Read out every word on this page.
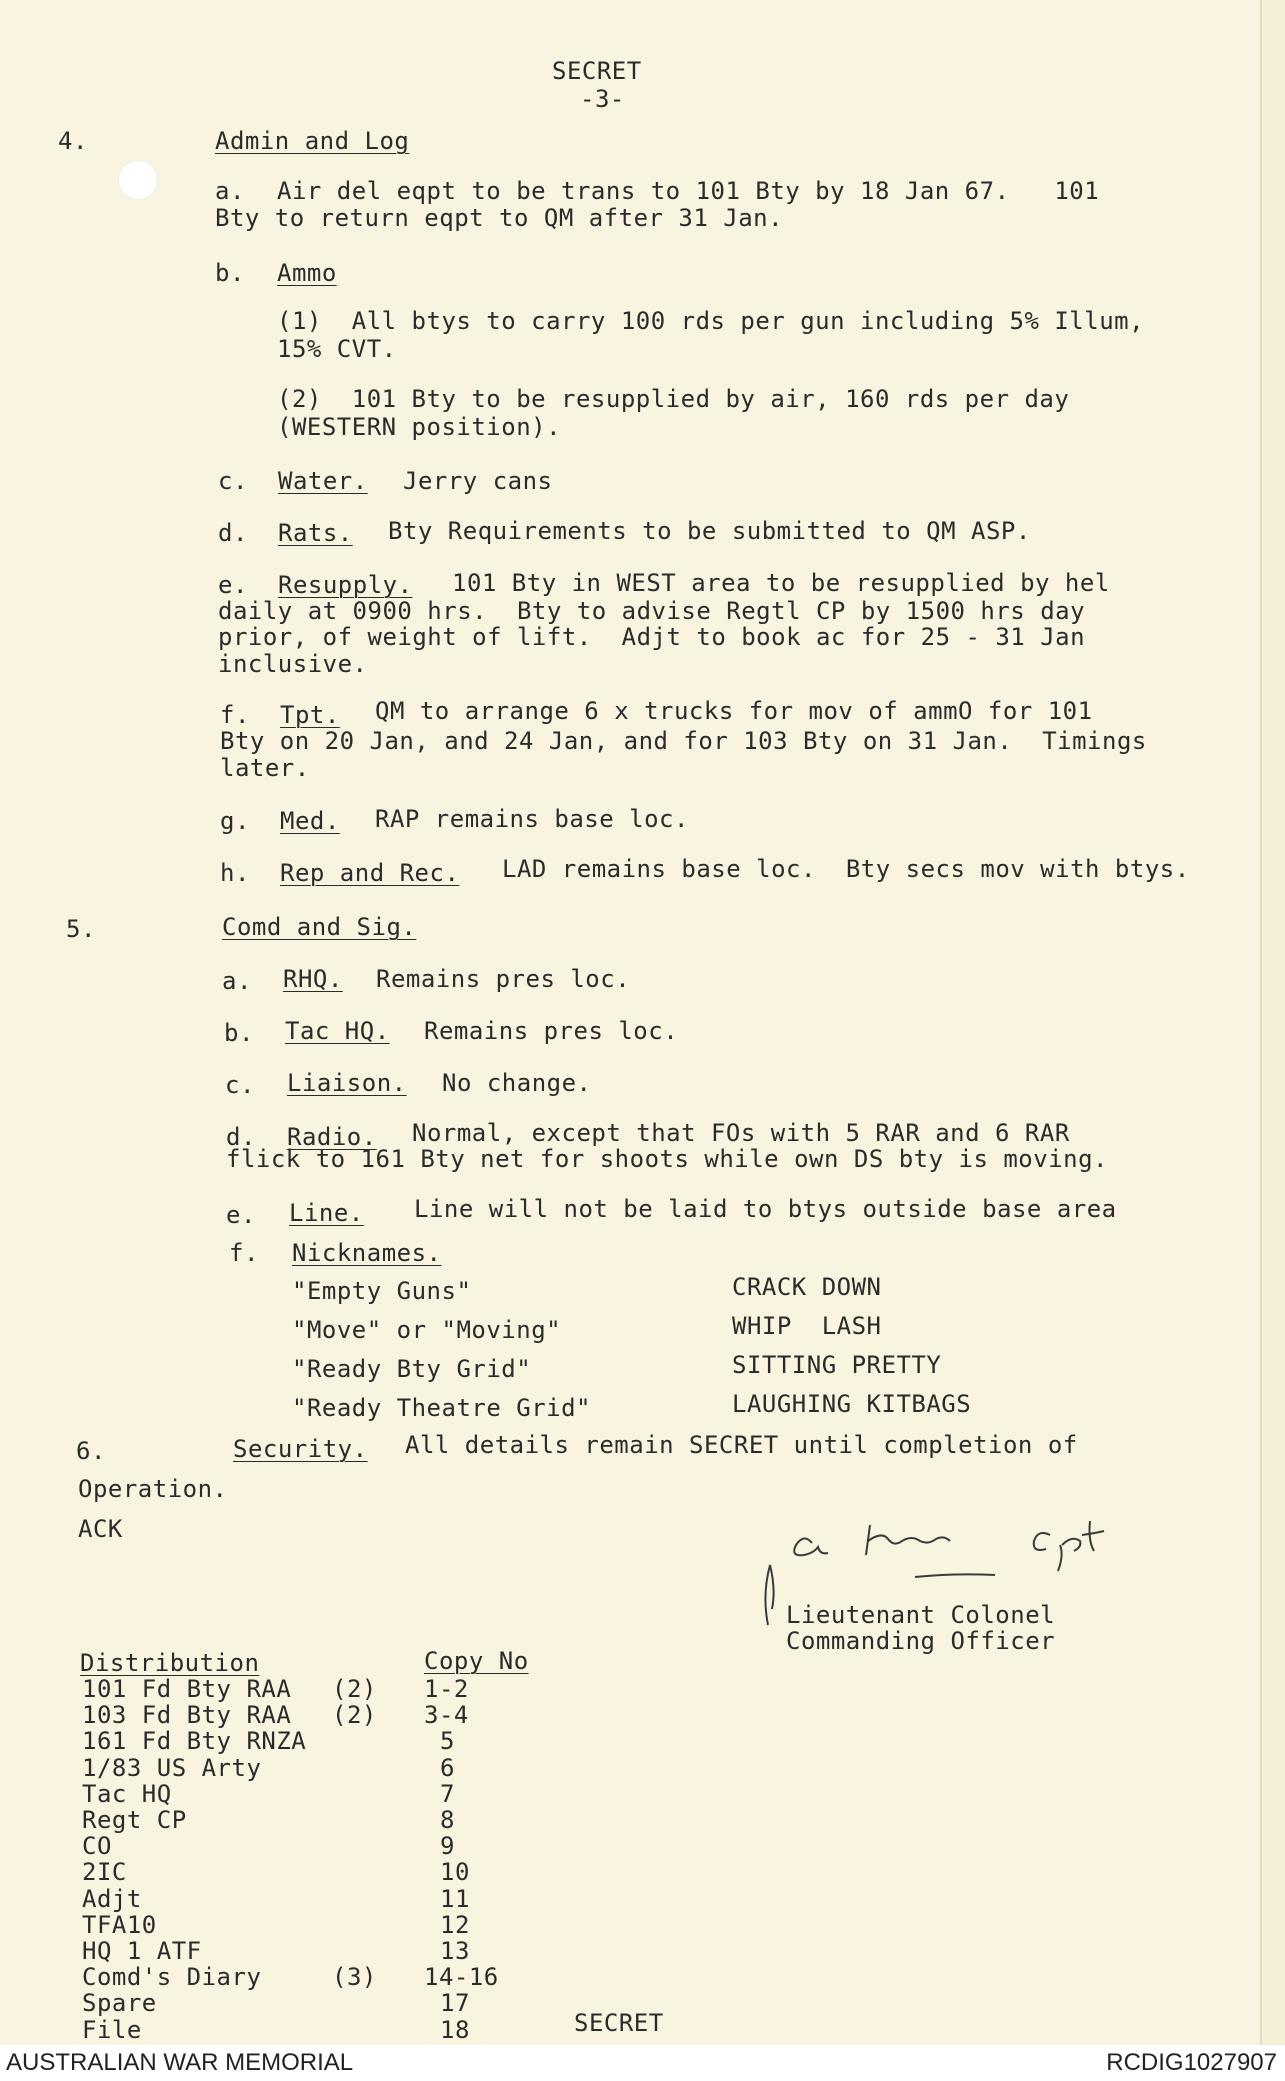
SECRET
-3-
4.	Admin and Log
a. Air del eqpt to be trans to 101 Bty by 18 Jan 67.   101
Bty to return eqpt to QM after 31 Jan.
b. Ammo
(1)  All btys to carry 100 rds per gun including 5% Illum,
15% CVT.
(2)  101 Bty to be resupplied by air, 160 rds per day
(WESTERN position).
c. Water. Jerry cans
d. Rats. Bty Requirements to be submitted to QM ASP.
e. Resupply. 101 Bty in WEST area to be resupplied by hel
daily at 0900 hrs.  Bty to advise Regtl CP by 1500 hrs day
prior, of weight of lift.  Adjt to book ac for 25 - 31 Jan
inclusive.
f. Tpt. QM to arrange 6 x trucks for mov of ammO for 101
Bty on 20 Jan, and 24 Jan, and for 103 Bty on 31 Jan.  Timings
later.
g. Med. RAP remains base loc.
h. Rep and Rec. LAD remains base loc.  Bty secs mov with btys.
5.	Comd and Sig.
a. RHQ. Remains pres loc.
b. Tac HQ. Remains pres loc.
c. Liaison. No change.
d. Radio. Normal, except that FOs with 5 RAR and 6 RAR
flick to 161 Bty net for shoots while own DS bty is moving.
e. Line. Line will not be laid to btys outside base area
f. Nicknames.
"Empty Guns"	CRACK DOWN
"Move" or "Moving"	WHIP  LASH
"Ready Bty Grid"	SITTING PRETTY
"Ready Theatre Grid"	LAUGHING KITBAGS
6.	Security. All details remain SECRET until completion of
Operation.
ACK
Lieutenant Colonel
Commanding Officer
Distribution	Copy No
SECRET
101 Fd Bty RAA (2) 1-2
103 Fd Bty RAA (2) 3-4
161 Fd Bty RNZA	5
1/83 US Arty	6
Tac HQ	7
Regt CP	8
CO	9
2IC	10
Adjt	11
TFA10	12
HQ 1 ATF	13
Comd's Diary	(3) 14-16
Spare	17
File	18
AUSTRALIAN WAR MEMORIAL	RCDIG1027907
